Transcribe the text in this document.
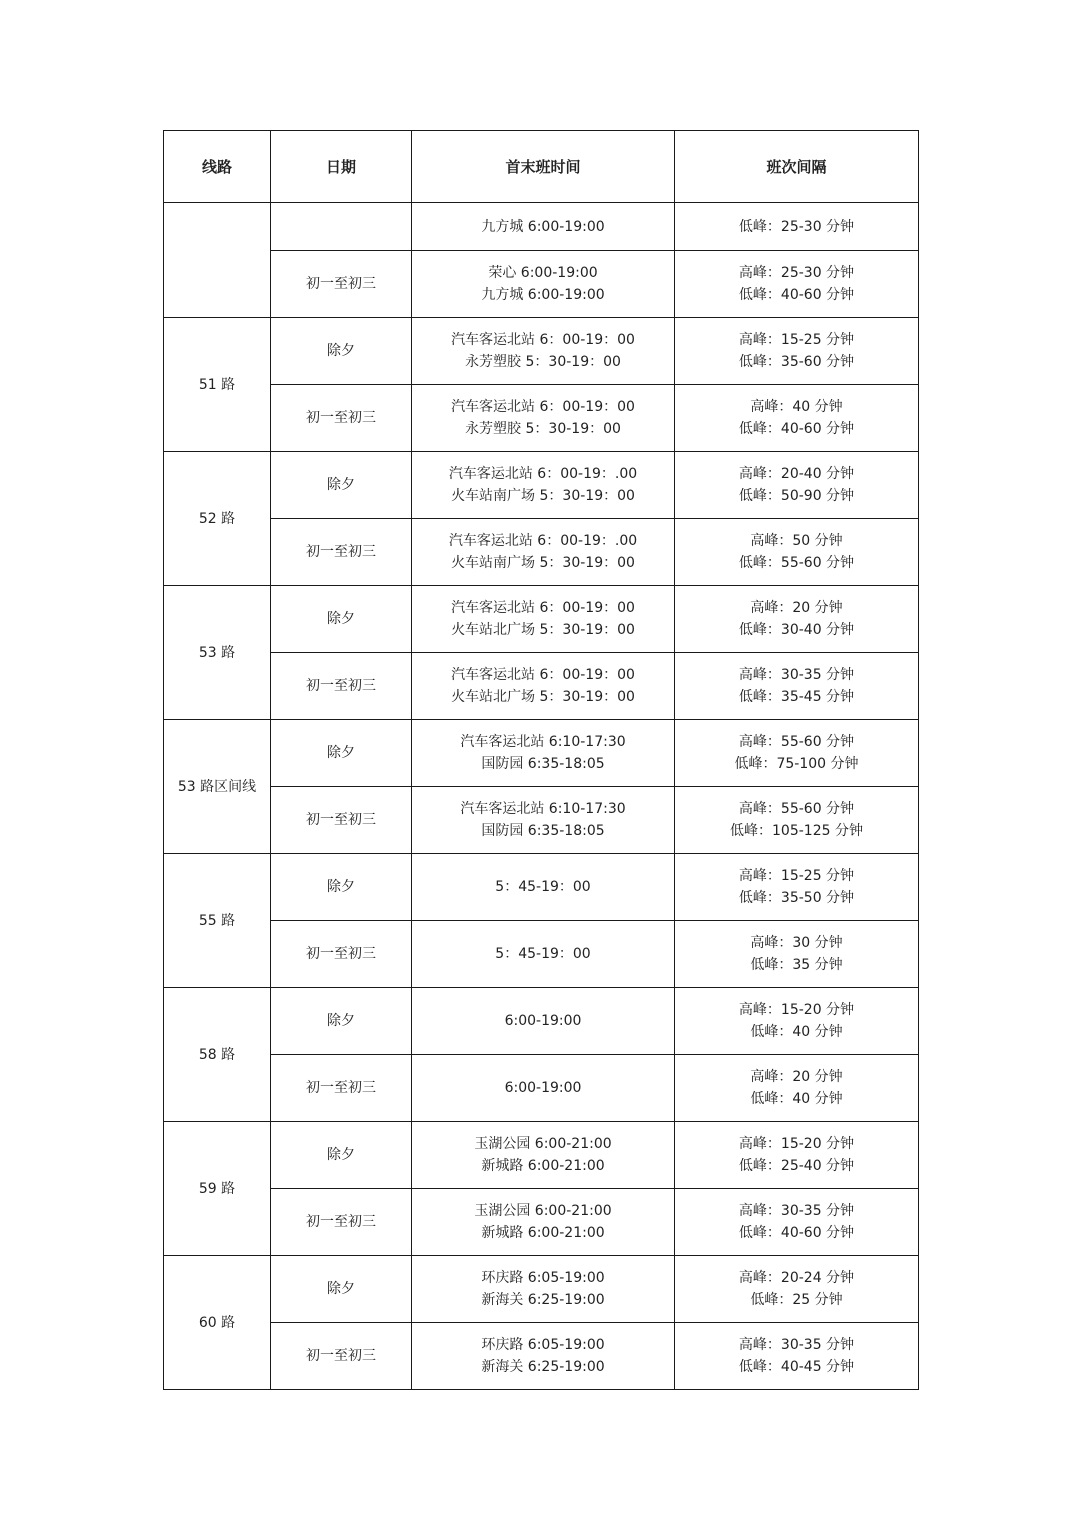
线路	日期	首末班时间	班次间隔

		九方城 6:00-19:00	低峰：25-30 分钟

	初一至初三	荣心 6:00-19:00
九方城 6:00-19:00	高峰：25-30 分钟
低峰：40-60 分钟

51 路	除夕	汽车客运北站 6：00-19：00
永芳塑胶 5：30-19：00	高峰：15-25 分钟
低峰：35-60 分钟

	初一至初三	汽车客运北站 6：00-19：00
永芳塑胶 5：30-19：00	高峰：40 分钟
低峰：40-60 分钟

52 路	除夕	汽车客运北站 6：00-19：.00
火车站南广场 5：30-19：00	高峰：20-40 分钟
低峰：50-90 分钟

	初一至初三	汽车客运北站 6：00-19：.00
火车站南广场 5：30-19：00	高峰：50 分钟
低峰：55-60 分钟

53 路	除夕	汽车客运北站 6：00-19：00
火车站北广场 5：30-19：00	高峰：20 分钟
低峰：30-40 分钟

	初一至初三	汽车客运北站 6：00-19：00
火车站北广场 5：30-19：00	高峰：30-35 分钟
低峰：35-45 分钟

53 路区间线	除夕	汽车客运北站 6:10-17:30
国防园 6:35-18:05	高峰：55-60 分钟
低峰：75-100 分钟

	初一至初三	汽车客运北站 6:10-17:30
国防园 6:35-18:05	高峰：55-60 分钟
低峰：105-125 分钟

55 路	除夕	5：45-19：00	高峰：15-25 分钟
低峰：35-50 分钟

	初一至初三	5：45-19：00	高峰：30 分钟
低峰：35 分钟

58 路	除夕	6:00-19:00	高峰：15-20 分钟
低峰：40 分钟

	初一至初三	6:00-19:00	高峰：20 分钟
低峰：40 分钟

59 路	除夕	玉湖公园 6:00-21:00
新城路 6:00-21:00	高峰：15-20 分钟
低峰：25-40 分钟

	初一至初三	玉湖公园 6:00-21:00
新城路 6:00-21:00	高峰：30-35 分钟
低峰：40-60 分钟

60 路	除夕	环庆路 6:05-19:00
新海关 6:25-19:00	高峰：20-24 分钟
低峰：25 分钟

	初一至初三	环庆路 6:05-19:00
新海关 6:25-19:00	高峰：30-35 分钟
低峰：40-45 分钟
